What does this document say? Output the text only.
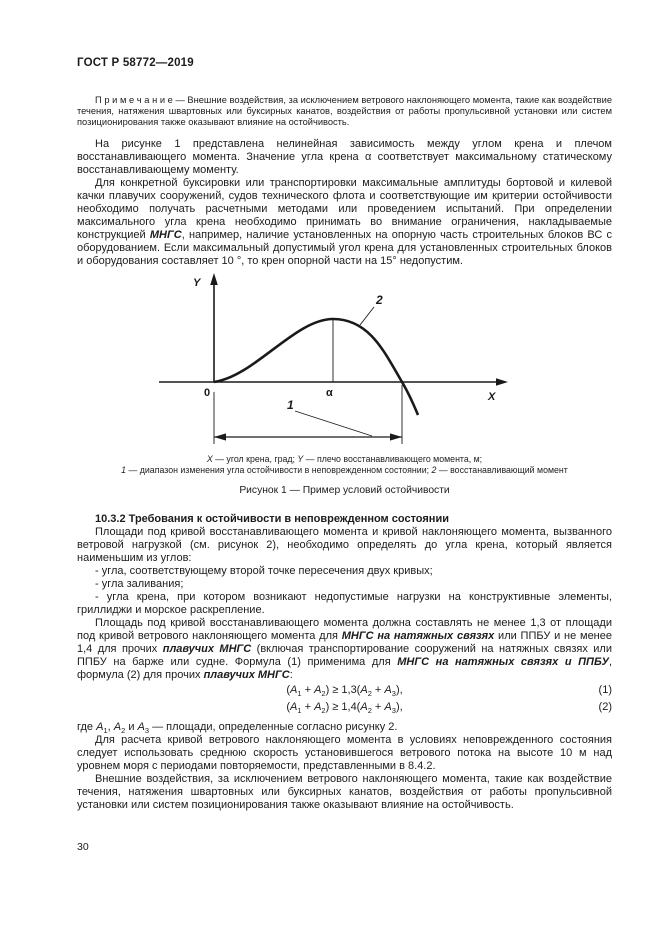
ГОСТ Р 58772—2019

П р и м е ч а н и е — Внешние воздействия, за исключением ветрового наклоняющего момента, такие как воздействие течения, натяжения швартовных или буксирных канатов, воздействия от работы пропульсивной установки или систем позиционирования также оказывают влияние на остойчивость.

На рисунке 1 представлена нелинейная зависимость между углом крена и плечом восстанавливающего момента. Значение угла крена α соответствует максимальному статическому восстанавливающему моменту.

Для конкретной буксировки или транспортировки максимальные амплитуды бортовой и килевой качки плавучих сооружений, судов технического флота и соответствующие им критерии остойчивости необходимо получать расчетными методами или проведением испытаний. При определении максимального угла крена необходимо принимать во внимание ограничения, накладываемые конструкцией МНГС, например, наличие установленных на опорную часть строительных блоков ВС с оборудованием. Если максимальный допустимый угол крена для установленных строительных блоков и оборудования составляет 10 °, то крен опорной части на 15° недопустим.

Y
X
0	α
2
1
X — угол крена, град; Y — плечо восстанавливающего момента, м;
1 — диапазон изменения угла остойчивости в неповрежденном состоянии; 2 — восстанавливающий момент
Рисунок 1 — Пример условий остойчивости
10.3.2 Требования к остойчивости в неповрежденном состоянии

Площади под кривой восстанавливающего момента и кривой наклоняющего момента, вызванного ветровой нагрузкой (см. рисунок 2), необходимо определять до угла крена, который является наименьшим из углов:

- угла, соответствующему второй точке пересечения двух кривых;

- угла заливания;

- угла крена, при котором возникают недопустимые нагрузки на конструктивные элементы, гриллиджи и морское раскрепление.

Площадь под кривой восстанавливающего момента должна составлять не менее 1,3 от площади под кривой ветрового наклоняющего момента для МНГС на натяжных связях или ППБУ и не менее 1,4 для прочих плавучих МНГС (включая транспортирование сооружений на натяжных связях или ППБУ на барже или судне. Формула (1) применима для МНГС на натяжных связях и ППБУ, формула (2) для прочих плавучих МНГС:

$(A_1 + A_2) \ge 1,3(A_2 + A_3)$,	(1)
$(A_1 + A_2) \ge 1,4(A_2 + A_3)$,	(2)

где $A_1$, $A_2$ и $A_3$ — площади, определенные согласно рисунку 2.

Для расчета кривой ветрового наклоняющего момента в условиях неповрежденного состояния следует использовать среднюю скорость установившегося ветрового потока на высоте 10 м над уровнем моря с периодами повторяемости, представленными в 8.4.2.

Внешние воздействия, за исключением ветрового наклоняющего момента, такие как воздействие течения, натяжения швартовных или буксирных канатов, воздействия от работы пропульсивной установки или систем позиционирования также оказывают влияние на остойчивость.

30
